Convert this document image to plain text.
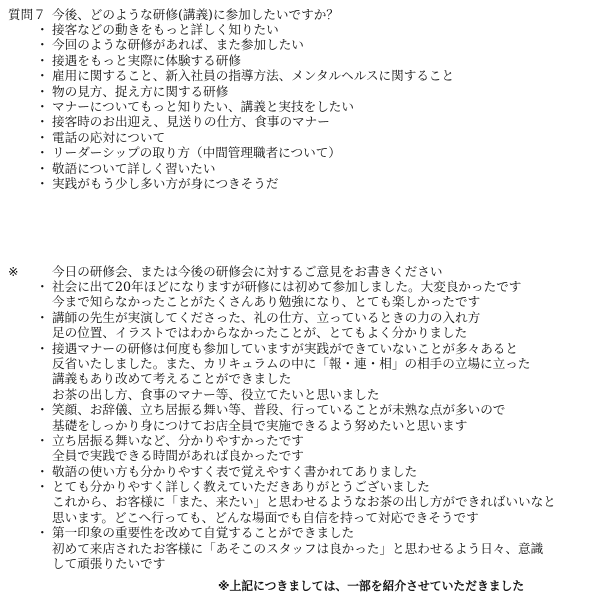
質問７ 今後、どのような研修(講義)に参加したいですか？
・ 接客などの動きをもっと詳しく知りたい
・ 今回のような研修があれば、また参加したい
・ 接遇をもっと実際に体験する研修
・ 雇用に関すること、新入社員の指導方法、メンタルヘルスに関すること
・ 物の見方、捉え方に関する研修
・ マナーについてもっと知りたい、講義と実技をしたい
・ 接客時のお出迎え、見送りの仕方、食事のマナー
・ 電話の応対について
・ リーダーシップの取り方（中間管理職者について）
・ 敬語について詳しく習いたい
・ 実践がもう少し多い方が身につきそうだ
※	今日の研修会、または今後の研修会に対するご意見をお書きください
・ 社会に出て20年ほどになりますが研修には初めて参加しました。大変良かったです
今まで知らなかったことがたくさんあり勉強になり、とても楽しかったです
・ 講師の先生が実演してくださった、礼の仕方、立っているときの力の入れ方
足の位置、イラストではわからなかったことが、とてもよく分かりました
・ 接遇マナーの研修は何度も参加していますが実践ができていないことが多々あると
反省いたしました。また、カリキュラムの中に「報・連・相」の相手の立場に立った
講義もあり改めて考えることができました
お茶の出し方、食事のマナー等、役立てたいと思いました
・ 笑顔、お辞儀、立ち居振る舞い等、普段、行っていることが未熟な点が多いので
基礎をしっかり身につけてお店全員で実施できるよう努めたいと思います
・ 立ち居振る舞いなど、分かりやすかったです
全員で実践できる時間があれば良かったです
・ 敬語の使い方も分かりやすく表で覚えやすく書かれてありました
・ とても分かりやすく詳しく教えていただきありがとうございました
これから、お客様に「また、来たい」と思わせるようなお茶の出し方ができればいいなと
思います。どこへ行っても、どんな場面でも自信を持って対応できそうです
・ 第一印象の重要性を改めて自覚することができました
初めて来店されたお客様に「あそこのスタッフは良かった」と思わせるよう日々、意識
して頑張りたいです
※上記につきましては、一部を紹介させていただきました
